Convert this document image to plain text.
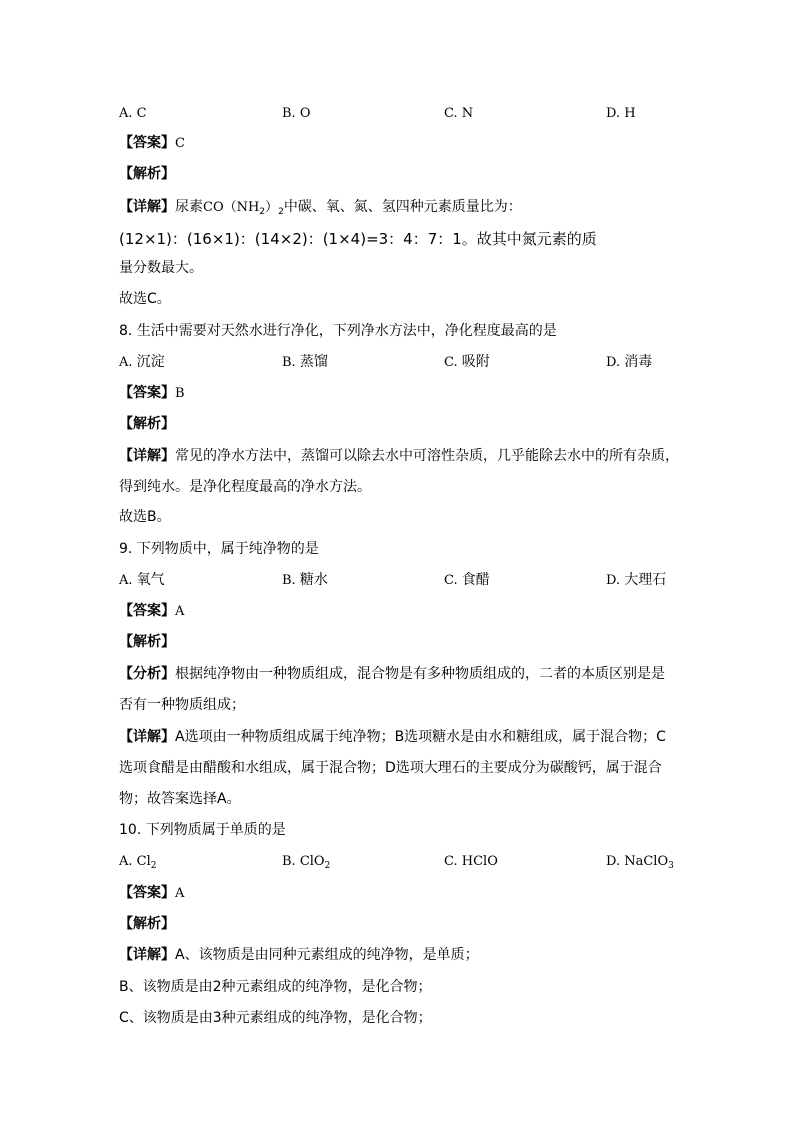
A. C	B. O	C. N	D. H
【答案】C
【解析】
【详解】尿素$CO(NH_2)_2$中碳、氧、氮、氢四种元素质量比为：
(12×1)：(16×1)：(14×2)：(1×4)=3：4：7：1。故其中氮元素的质
量分数最大。
故选C。
8. 生活中需要对天然水进行净化，下列净水方法中，净化程度最高的是
A. 沉淀	B. 蒸馏	C. 吸附	D. 消毒
【答案】B
【解析】
【详解】常见的净水方法中，蒸馏可以除去水中可溶性杂质，几乎能除去水中的所有杂质，
得到纯水。是净化程度最高的净水方法。
故选B。
9. 下列物质中，属于纯净物的是
A. 氧气	B. 糖水	C. 食醋	D. 大理石
【答案】A
【解析】
【分析】根据纯净物由一种物质组成，混合物是有多种物质组成的，二者的本质区别是是
否有一种物质组成；
【详解】A选项由一种物质组成属于纯净物；B选项糖水是由水和糖组成，属于混合物；C
选项食醋是由醋酸和水组成，属于混合物；D选项大理石的主要成分为碳酸钙，属于混合
物；故答案选择A。
10. 下列物质属于单质的是
A. $Cl_2$	B. ClO$_2$	C. HClO	D. NaClO$_3$
【答案】A
【解析】
【详解】A、该物质是由同种元素组成的纯净物，是单质；
B、该物质是由2种元素组成的纯净物，是化合物；
C、该物质是由3种元素组成的纯净物，是化合物；
